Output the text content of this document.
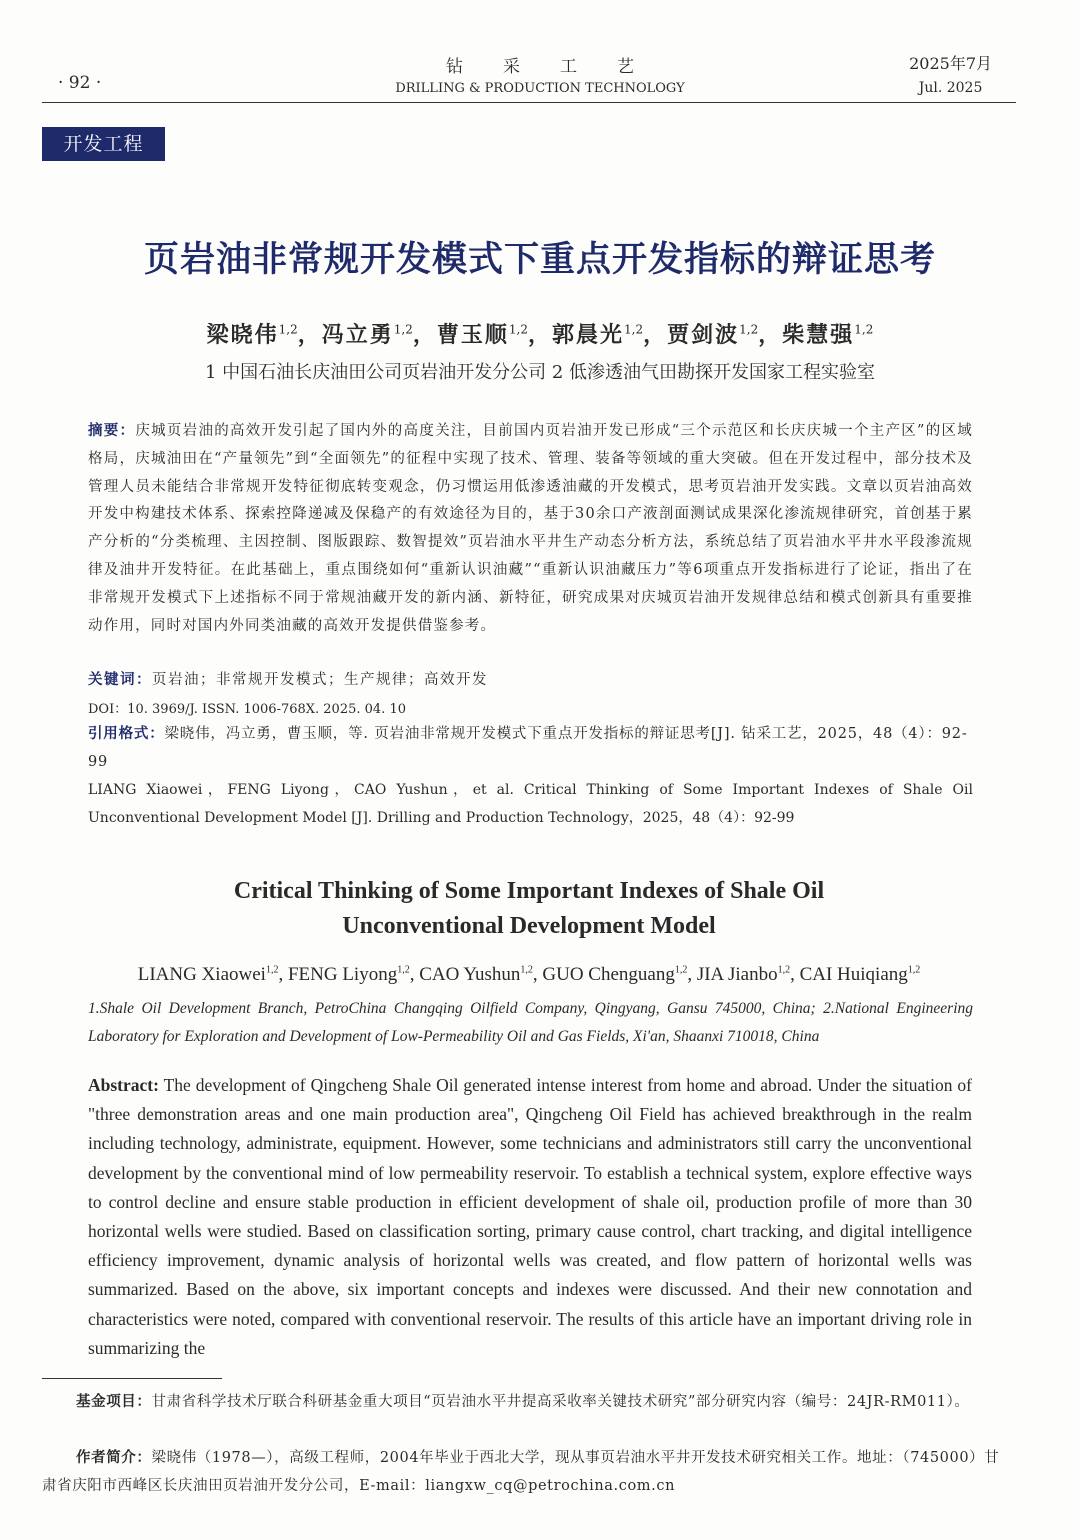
· 92 ·
钻采工艺
DRILLING & PRODUCTION TECHNOLOGY
2025年7月
Jul. 2025
开发工程
页岩油非常规开发模式下重点开发指标的辩证思考
梁晓伟$^{1,2}$，冯立勇$^{1,2}$，曹玉顺$^{1,2}$，郭晨光$^{1,2}$，贾剑波$^{1,2}$，柴慧强$^{1,2}$
1 中国石油长庆油田公司页岩油开发分公司 2 低渗透油气田勘探开发国家工程实验室
摘要：庆城页岩油的高效开发引起了国内外的高度关注，目前国内页岩油开发已形成“三个示范区和长庆庆城一个主产区”的区域格局，庆城油田在“产量领先”到“全面领先”的征程中实现了技术、管理、装备等领域的重大突破。但在开发过程中，部分技术及管理人员未能结合非常规开发特征彻底转变观念，仍习惯运用低渗透油藏的开发模式，思考页岩油开发实践。文章以页岩油高效开发中构建技术体系、探索控降递减及保稳产的有效途径为目的，基于30余口产液剖面测试成果深化渗流规律研究，首创基于累产分析的“分类梳理、主因控制、图版跟踪、数智提效”页岩油水平井生产动态分析方法，系统总结了页岩油水平井水平段渗流规律及油井开发特征。在此基础上，重点围绕如何“重新认识油藏”“重新认识油藏压力”等6项重点开发指标进行了论证，指出了在非常规开发模式下上述指标不同于常规油藏开发的新内涵、新特征，研究成果对庆城页岩油开发规律总结和模式创新具有重要推动作用，同时对国内外同类油藏的高效开发提供借鉴参考。
关键词：页岩油；非常规开发模式；生产规律；高效开发
DOI：10. 3969/J. ISSN. 1006-768X. 2025. 04. 10
引用格式：梁晓伟，冯立勇，曹玉顺，等. 页岩油非常规开发模式下重点开发指标的辩证思考[J]. 钻采工艺，2025，48（4）：92-99
LIANG Xiaowei，FENG Liyong，CAO Yushun，et al. Critical Thinking of Some Important Indexes of Shale Oil Unconventional Development Model [J]. Drilling and Production Technology，2025，48（4）：92-99
Critical Thinking of Some Important Indexes of Shale Oil
Unconventional Development Model
LIANG Xiaowei$^{1,2}$, FENG Liyong$^{1,2}$, CAO Yushun$^{1,2}$, GUO Chenguang$^{1,2}$, JIA Jianbo$^{1,2}$, CAI Huiqiang$^{1,2}$
1.Shale Oil Development Branch, PetroChina Changqing Oilfield Company, Qingyang, Gansu 745000, China; 2.National Engineering Laboratory for Exploration and Development of Low-Permeability Oil and Gas Fields, Xi'an, Shaanxi 710018, China
Abstract: The development of Qingcheng Shale Oil generated intense interest from home and abroad. Under the situation of "three demonstration areas and one main production area", Qingcheng Oil Field has achieved breakthrough in the realm including technology, administrate, equipment. However, some technicians and administrators still carry the unconventional development by the conventional mind of low permeability reservoir. To establish a technical system, explore effective ways to control decline and ensure stable production in efficient development of shale oil, production profile of more than 30 horizontal wells were studied. Based on classification sorting, primary cause control, chart tracking, and digital intelligence efficiency improvement, dynamic analysis of horizontal wells was created, and flow pattern of horizontal wells was summarized. Based on the above, six important concepts and indexes were discussed. And their new connotation and characteristics were noted, compared with conventional reservoir. The results of this article have an important driving role in summarizing the
基金项目：甘肃省科学技术厅联合科研基金重大项目“页岩油水平井提高采收率关键技术研究”部分研究内容（编号：24JR-RM011）。
作者简介：梁晓伟（1978—），高级工程师，2004年毕业于西北大学，现从事页岩油水平井开发技术研究相关工作。地址：（745000）甘肃省庆阳市西峰区长庆油田页岩油开发分公司，E-mail：liangxw_cq@petrochina.com.cn
